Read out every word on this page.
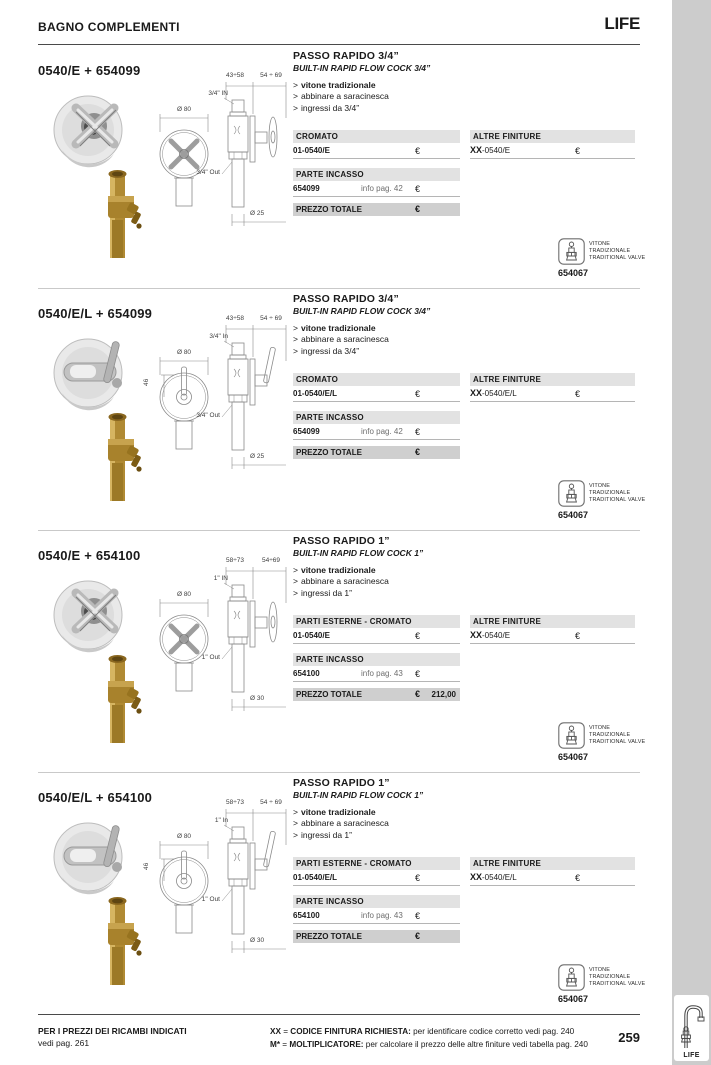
BAGNO COMPLEMENTI	LIFE
0540/E + 654099	43÷58	54 ÷ 69
Ø 80
3/4" IN
3/4" Out
Ø 25
PASSO RAPIDO 3/4”
BUILT-IN RAPID FLOW COCK 3/4”
> vitone tradizionale
> abbinare a saracinesca
> ingressi da 3/4”
CROMATO
01-0540/E	€
PARTE INCASSO
654099	info pag. 42 €
PREZZO TOTALE	€
ALTRE FINITURE
XX-0540/E	€
VITONE
TRADIZIONALE
TRADITIONAL VALVE
654067
0540/E/L + 654099	43÷58	54 ÷ 69
Ø 80
3/4" In
46
3/4" Out
Ø 25
PASSO RAPIDO 3/4”
BUILT-IN RAPID FLOW COCK 3/4”
> vitone tradizionale
> abbinare a saracinesca
> ingressi da 3/4”
CROMATO
01-0540/E/L	€
PARTE INCASSO
654099	info pag. 42 €
PREZZO TOTALE	€
ALTRE FINITURE
XX-0540/E/L	€
VITONE
TRADIZIONALE
TRADITIONAL VALVE
654067
0540/E + 654100	58÷73	54÷69
Ø 80
1" IN
1" Out
Ø 30
PASSO RAPIDO 1”
BUILT-IN RAPID FLOW COCK 1”
> vitone tradizionale
> abbinare a saracinesca
> ingressi da 1”
PARTI ESTERNE - CROMATO
01-0540/E	€
PARTE INCASSO
654100	info pag. 43 €
PREZZO TOTALE	€ 212,00
ALTRE FINITURE
XX-0540/E	€
VITONE
TRADIZIONALE
TRADITIONAL VALVE
654067
0540/E/L + 654100	58÷73	54 ÷ 69
Ø 80
1" In
46
1" Out
Ø 30
PASSO RAPIDO 1”
BUILT-IN RAPID FLOW COCK 1”
> vitone tradizionale
> abbinare a saracinesca
> ingressi da 1”
PARTI ESTERNE - CROMATO
01-0540/E/L	€
PARTE INCASSO
654100	info pag. 43 €
PREZZO TOTALE	€
ALTRE FINITURE
XX-0540/E/L	€
VITONE
TRADIZIONALE
TRADITIONAL VALVE
654067
PER I PREZZI DEI RICAMBI INDICATI
vedi pag. 261
XX = CODICE FINITURA RICHIESTA: per identificare codice corretto vedi pag. 240
M* = MOLTIPLICATORE: per calcolare il prezzo delle altre finiture vedi tabella pag. 240 259
LIFE
